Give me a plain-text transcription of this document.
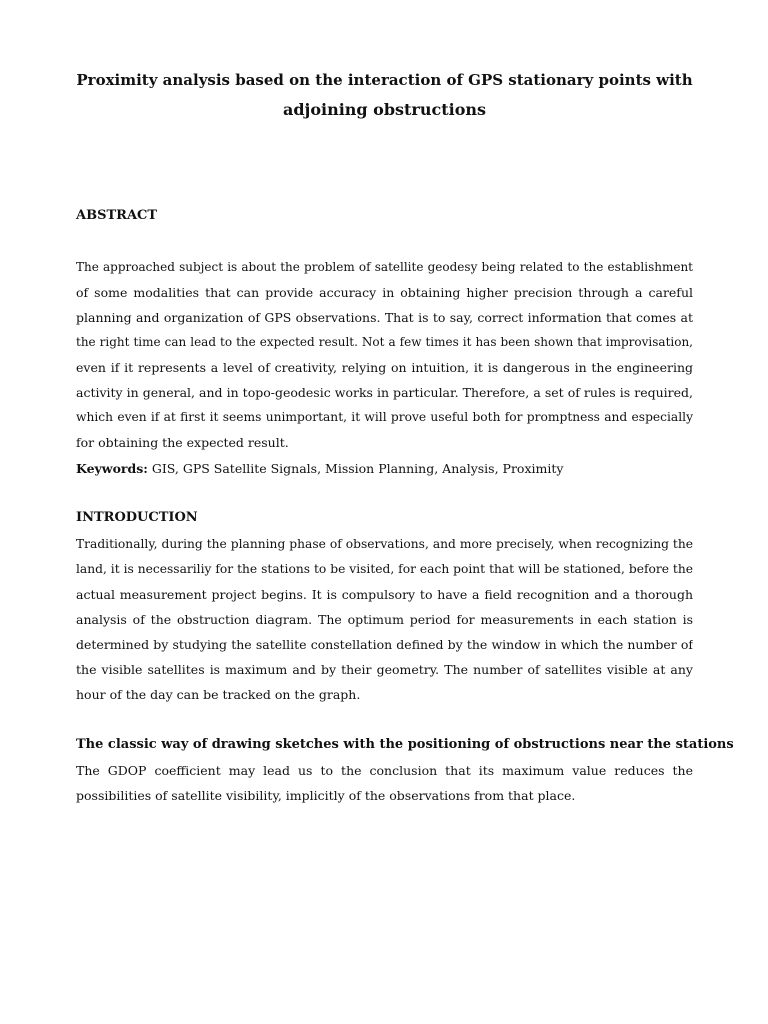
Proximity analysis based on the interaction of GPS stationary points with
adjoining obstructions
ABSTRACT
The approached subject is about the problem of satellite geodesy being related to the establishment
of some modalities that can provide accuracy in obtaining higher precision through a careful
planning and organization of GPS observations. That is to say, correct information that comes at
the right time can lead to the expected result. Not a few times it has been shown that improvisation,
even if it represents a level of creativity, relying on intuition, it is dangerous in the engineering
activity in general, and in topo-geodesic works in particular. Therefore, a set of rules is required,
which even if at first it seems unimportant, it will prove useful both for promptness and especially
for obtaining the expected result.
Keywords: GIS, GPS Satellite Signals, Mission Planning, Analysis, Proximity
INTRODUCTION
Traditionally, during the planning phase of observations, and more precisely, when recognizing the
land, it is necessariliy for the stations to be visited, for each point that will be stationed, before the
actual measurement project begins. It is compulsory to have a field recognition and a thorough
analysis of the obstruction diagram. The optimum period for measurements in each station is
determined by studying the satellite constellation defined by the window in which the number of
the visible satellites is maximum and by their geometry. The number of satellites visible at any
hour of the day can be tracked on the graph.
The classic way of drawing sketches with the positioning of obstructions near the stations
The GDOP coefficient may lead us to the conclusion that its maximum value reduces the
possibilities of satellite visibility, implicitly of the observations from that place.
